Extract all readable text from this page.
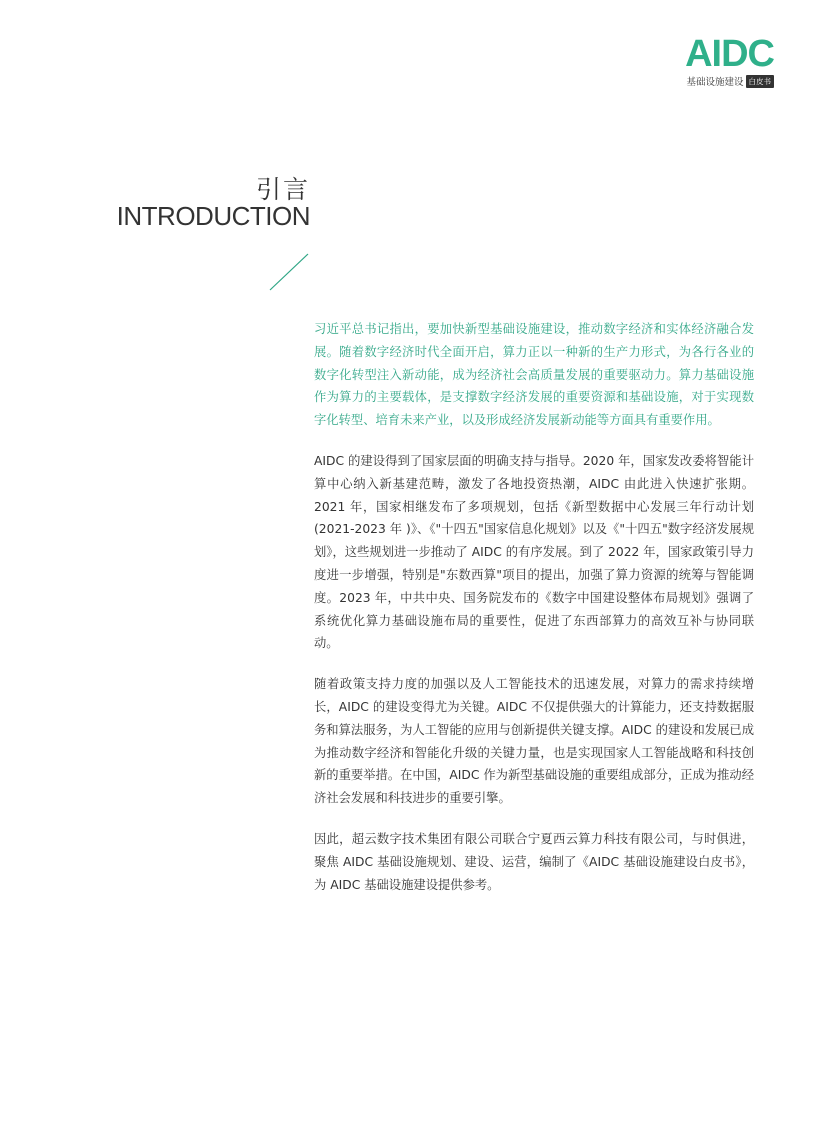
AIDC
基础设施建设 白皮书
引言
INTRODUCTION

习近平总书记指出，要加快新型基础设施建设，推动数字经济和实体经济融合发展。随着数字经济时代全面开启，算力正以一种新的生产力形式，为各行各业的数字化转型注入新动能，成为经济社会高质量发展的重要驱动力。算力基础设施作为算力的主要载体，是支撑数字经济发展的重要资源和基础设施，对于实现数字化转型、培育未来产业，以及形成经济发展新动能等方面具有重要作用。

AIDC 的建设得到了国家层面的明确支持与指导。2020 年，国家发改委将智能计算中心纳入新基建范畴，激发了各地投资热潮，AIDC 由此进入快速扩张期。2021 年，国家相继发布了多项规划，包括《新型数据中心发展三年行动计划(2021-2023 年 )》、《"十四五"国家信息化规划》以及《"十四五"数字经济发展规划》，这些规划进一步推动了 AIDC 的有序发展。到了 2022 年，国家政策引导力度进一步增强，特别是"东数西算"项目的提出，加强了算力资源的统筹与智能调度。2023 年，中共中央、国务院发布的《数字中国建设整体布局规划》强调了系统优化算力基础设施布局的重要性，促进了东西部算力的高效互补与协同联动。

随着政策支持力度的加强以及人工智能技术的迅速发展，对算力的需求持续增长，AIDC 的建设变得尤为关键。AIDC 不仅提供强大的计算能力，还支持数据服务和算法服务，为人工智能的应用与创新提供关键支撑。AIDC 的建设和发展已成为推动数字经济和智能化升级的关键力量，也是实现国家人工智能战略和科技创新的重要举措。在中国，AIDC 作为新型基础设施的重要组成部分，正成为推动经济社会发展和科技进步的重要引擎。

因此，超云数字技术集团有限公司联合宁夏西云算力科技有限公司，与时俱进，聚焦 AIDC 基础设施规划、建设、运营，编制了《AIDC 基础设施建设白皮书》，为 AIDC 基础设施建设提供参考。
